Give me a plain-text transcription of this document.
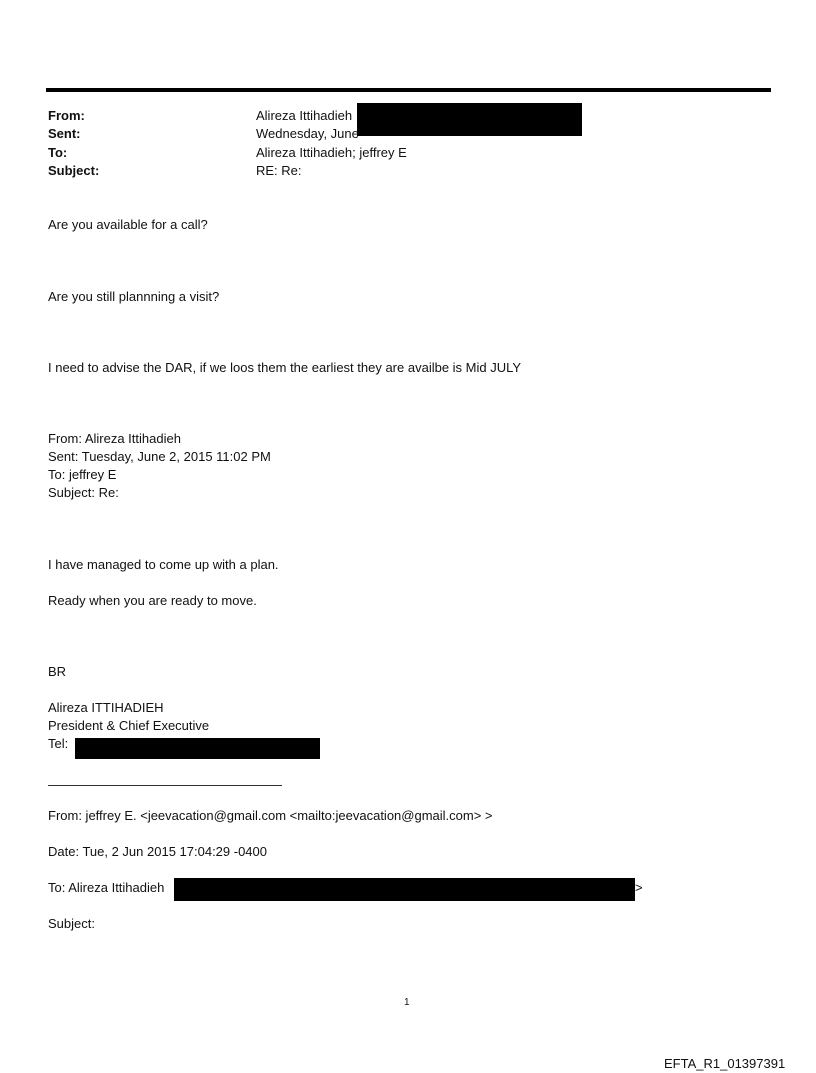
From:	Alireza Ittihadieh
Sent:	Wednesday, June
To:	Alireza Ittihadieh; jeffrey E
Subject:	RE: Re:
Are you available for a call?
Are you still plannning a visit?
I need to advise the DAR, if we loos them the earliest they are availbe is Mid JULY
From: Alireza Ittihadieh
Sent: Tuesday, June 2, 2015 11:02 PM
To: jeffrey E
Subject: Re:
I have managed to come up with a plan.
Ready when you are ready to move.
BR
Alireza ITTIHADIEH
President & Chief Executive
Tel:
From: jeffrey E. <jeevacation@gmail.com <mailto:jeevacation@gmail.com> >
Date: Tue, 2 Jun 2015 17:04:29 -0400
To: Alireza Ittihadieh	>
Subject:
1
EFTA_R1_01397391
